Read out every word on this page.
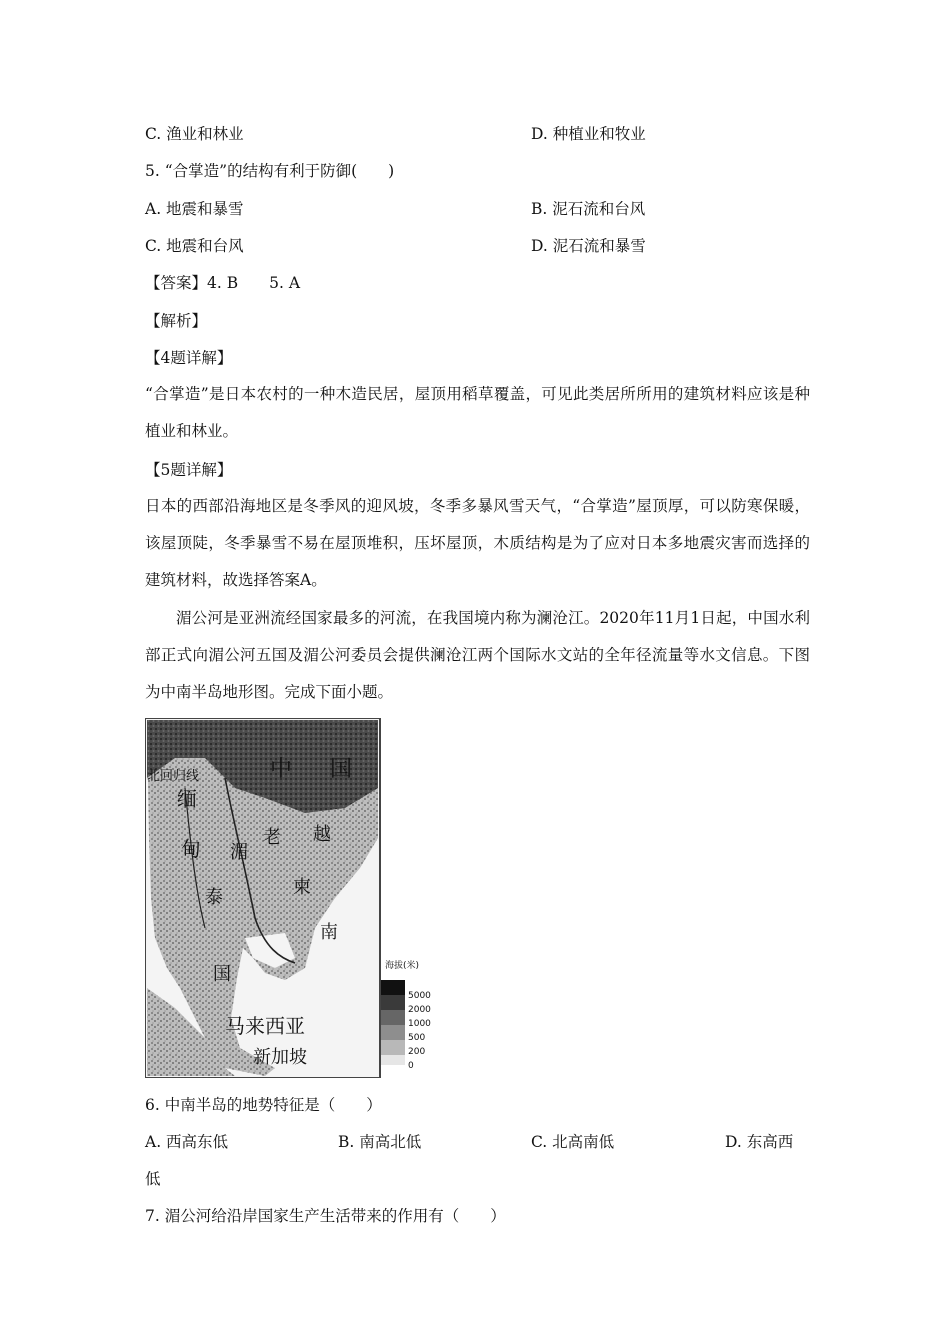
C. 渔业和林业	D. 种植业和牧业
5. “合掌造”的结构有利于防御(　　)
A. 地震和暴雪	B. 泥石流和台风
C. 地震和台风	D. 泥石流和暴雪
【答案】4. B　　5. A
【解析】
【4题详解】
“合掌造”是日本农村的一种木造民居，屋顶用稻草覆盖，可见此类居所所用的建筑材料应该是种植业和林业。
【5题详解】
日本的西部沿海地区是冬季风的迎风坡，冬季多暴风雪天气，“合掌造”屋顶厚，可以防寒保暖，该屋顶陡，冬季暴雪不易在屋顶堆积，压坏屋顶，木质结构是为了应对日本多地震灾害而选择的建筑材料，故选择答案A。
湄公河是亚洲流经国家最多的河流，在我国境内称为澜沧江。2020年11月1日起，中国水利部正式向湄公河五国及湄公河委员会提供澜沧江两个国际水文站的全年径流量等水文信息。下图为中南半岛地形图。完成下面小题。
中 国
北回归线
缅
甸 湄
老 越
泰	柬
南
国
马来西亚
新加坡
海拔(米)
5000
2000
1000
500
200
0
6. 中南半岛的地势特征是（　　）
A. 西高东低	B. 南高北低	C. 北高南低	D. 东高西
低
7. 湄公河给沿岸国家生产生活带来的作用有（　　）
